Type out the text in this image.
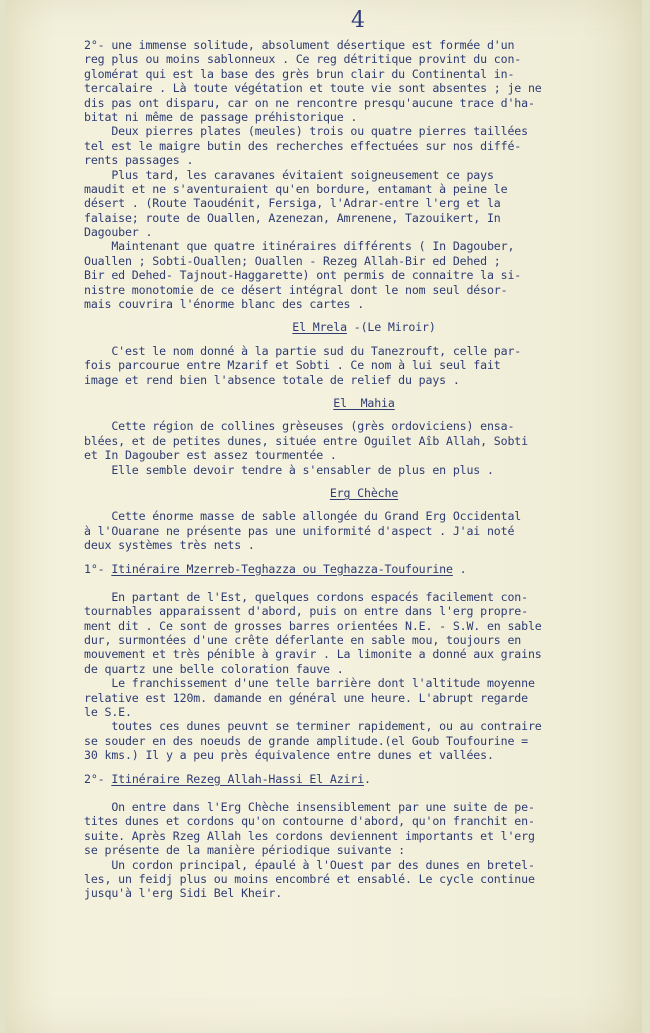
4
2°- une immense solitude, absolument désertique est formée d'un
reg plus ou moins sablonneux . Ce reg détritique provint du con-
glomérat qui est la base des grès brun clair du Continental in-
tercalaire . Là toute végétation et toute vie sont absentes ; je ne
dis pas ont disparu, car on ne rencontre presqu'aucune trace d'ha-
bitat ni même de passage préhistorique .
Deux pierres plates (meules) trois ou quatre pierres taillées
tel est le maigre butin des recherches effectuées sur nos diffé-
rents passages .
Plus tard, les caravanes évitaient soigneusement ce pays
maudit et ne s'aventuraient qu'en bordure, entamant à peine le
désert . (Route Taoudénit, Fersiga, l'Adrar-entre l'erg et la
falaise; route de Ouallen, Azenezan, Amrenene, Tazouikert, In
Dagouber .
Maintenant que quatre itinéraires différents ( In Dagouber,
Ouallen ; Sobti-Ouallen; Ouallen - Rezeg Allah-Bir ed Dehed ;
Bir ed Dehed- Tajnout-Haggarette) ont permis de connaitre la si-
nistre monotomie de ce désert intégral dont le nom seul désor-
mais couvrira l'énorme blanc des cartes .
El Mrela -(Le Miroir)
C'est le nom donné à la partie sud du Tanezrouft, celle par-
fois parcourue entre Mzarif et Sobti . Ce nom à lui seul fait
image et rend bien l'absence totale de relief du pays .
El  Mahia
Cette région de collines grèseuses (grès ordoviciens) ensa-
blées, et de petites dunes, située entre Oguilet Aîb Allah, Sobti
et In Dagouber est assez tourmentée .
Elle semble devoir tendre à s'ensabler de plus en plus .
Erg Chèche
Cette énorme masse de sable allongée du Grand Erg Occidental
à l'Ouarane ne présente pas une uniformité d'aspect . J'ai noté
deux systèmes très nets .
1°- Itinéraire Mzerreb-Teghazza ou Teghazza-Toufourine .
En partant de l'Est, quelques cordons espacés facilement con-
tournables apparaissent d'abord, puis on entre dans l'erg propre-
ment dit . Ce sont de grosses barres orientées N.E. - S.W. en sable
dur, surmontées d'une crête déferlante en sable mou, toujours en
mouvement et très pénible à gravir . La limonite a donné aux grains
de quartz une belle coloration fauve .
Le franchissement d'une telle barrière dont l'altitude moyenne
relative est 120m. damande en général une heure. L'abrupt regarde
le S.E.
toutes ces dunes peuvnt se terminer rapidement, ou au contraire
se souder en des noeuds de grande amplitude.(el Goub Toufourine =
30 kms.) Il y a peu près équivalence entre dunes et vallées.
2°- Itinéraire Rezeg Allah-Hassi El Aziri.
On entre dans l'Erg Chèche insensiblement par une suite de pe-
tites dunes et cordons qu'on contourne d'abord, qu'on franchit en-
suite. Après Rzeg Allah les cordons deviennent importants et l'erg
se présente de la manière périodique suivante :
Un cordon principal, épaulé à l'Ouest par des dunes en bretel-
les, un feidj plus ou moins encombré et ensablé. Le cycle continue
jusqu'à l'erg Sidi Bel Kheir.
